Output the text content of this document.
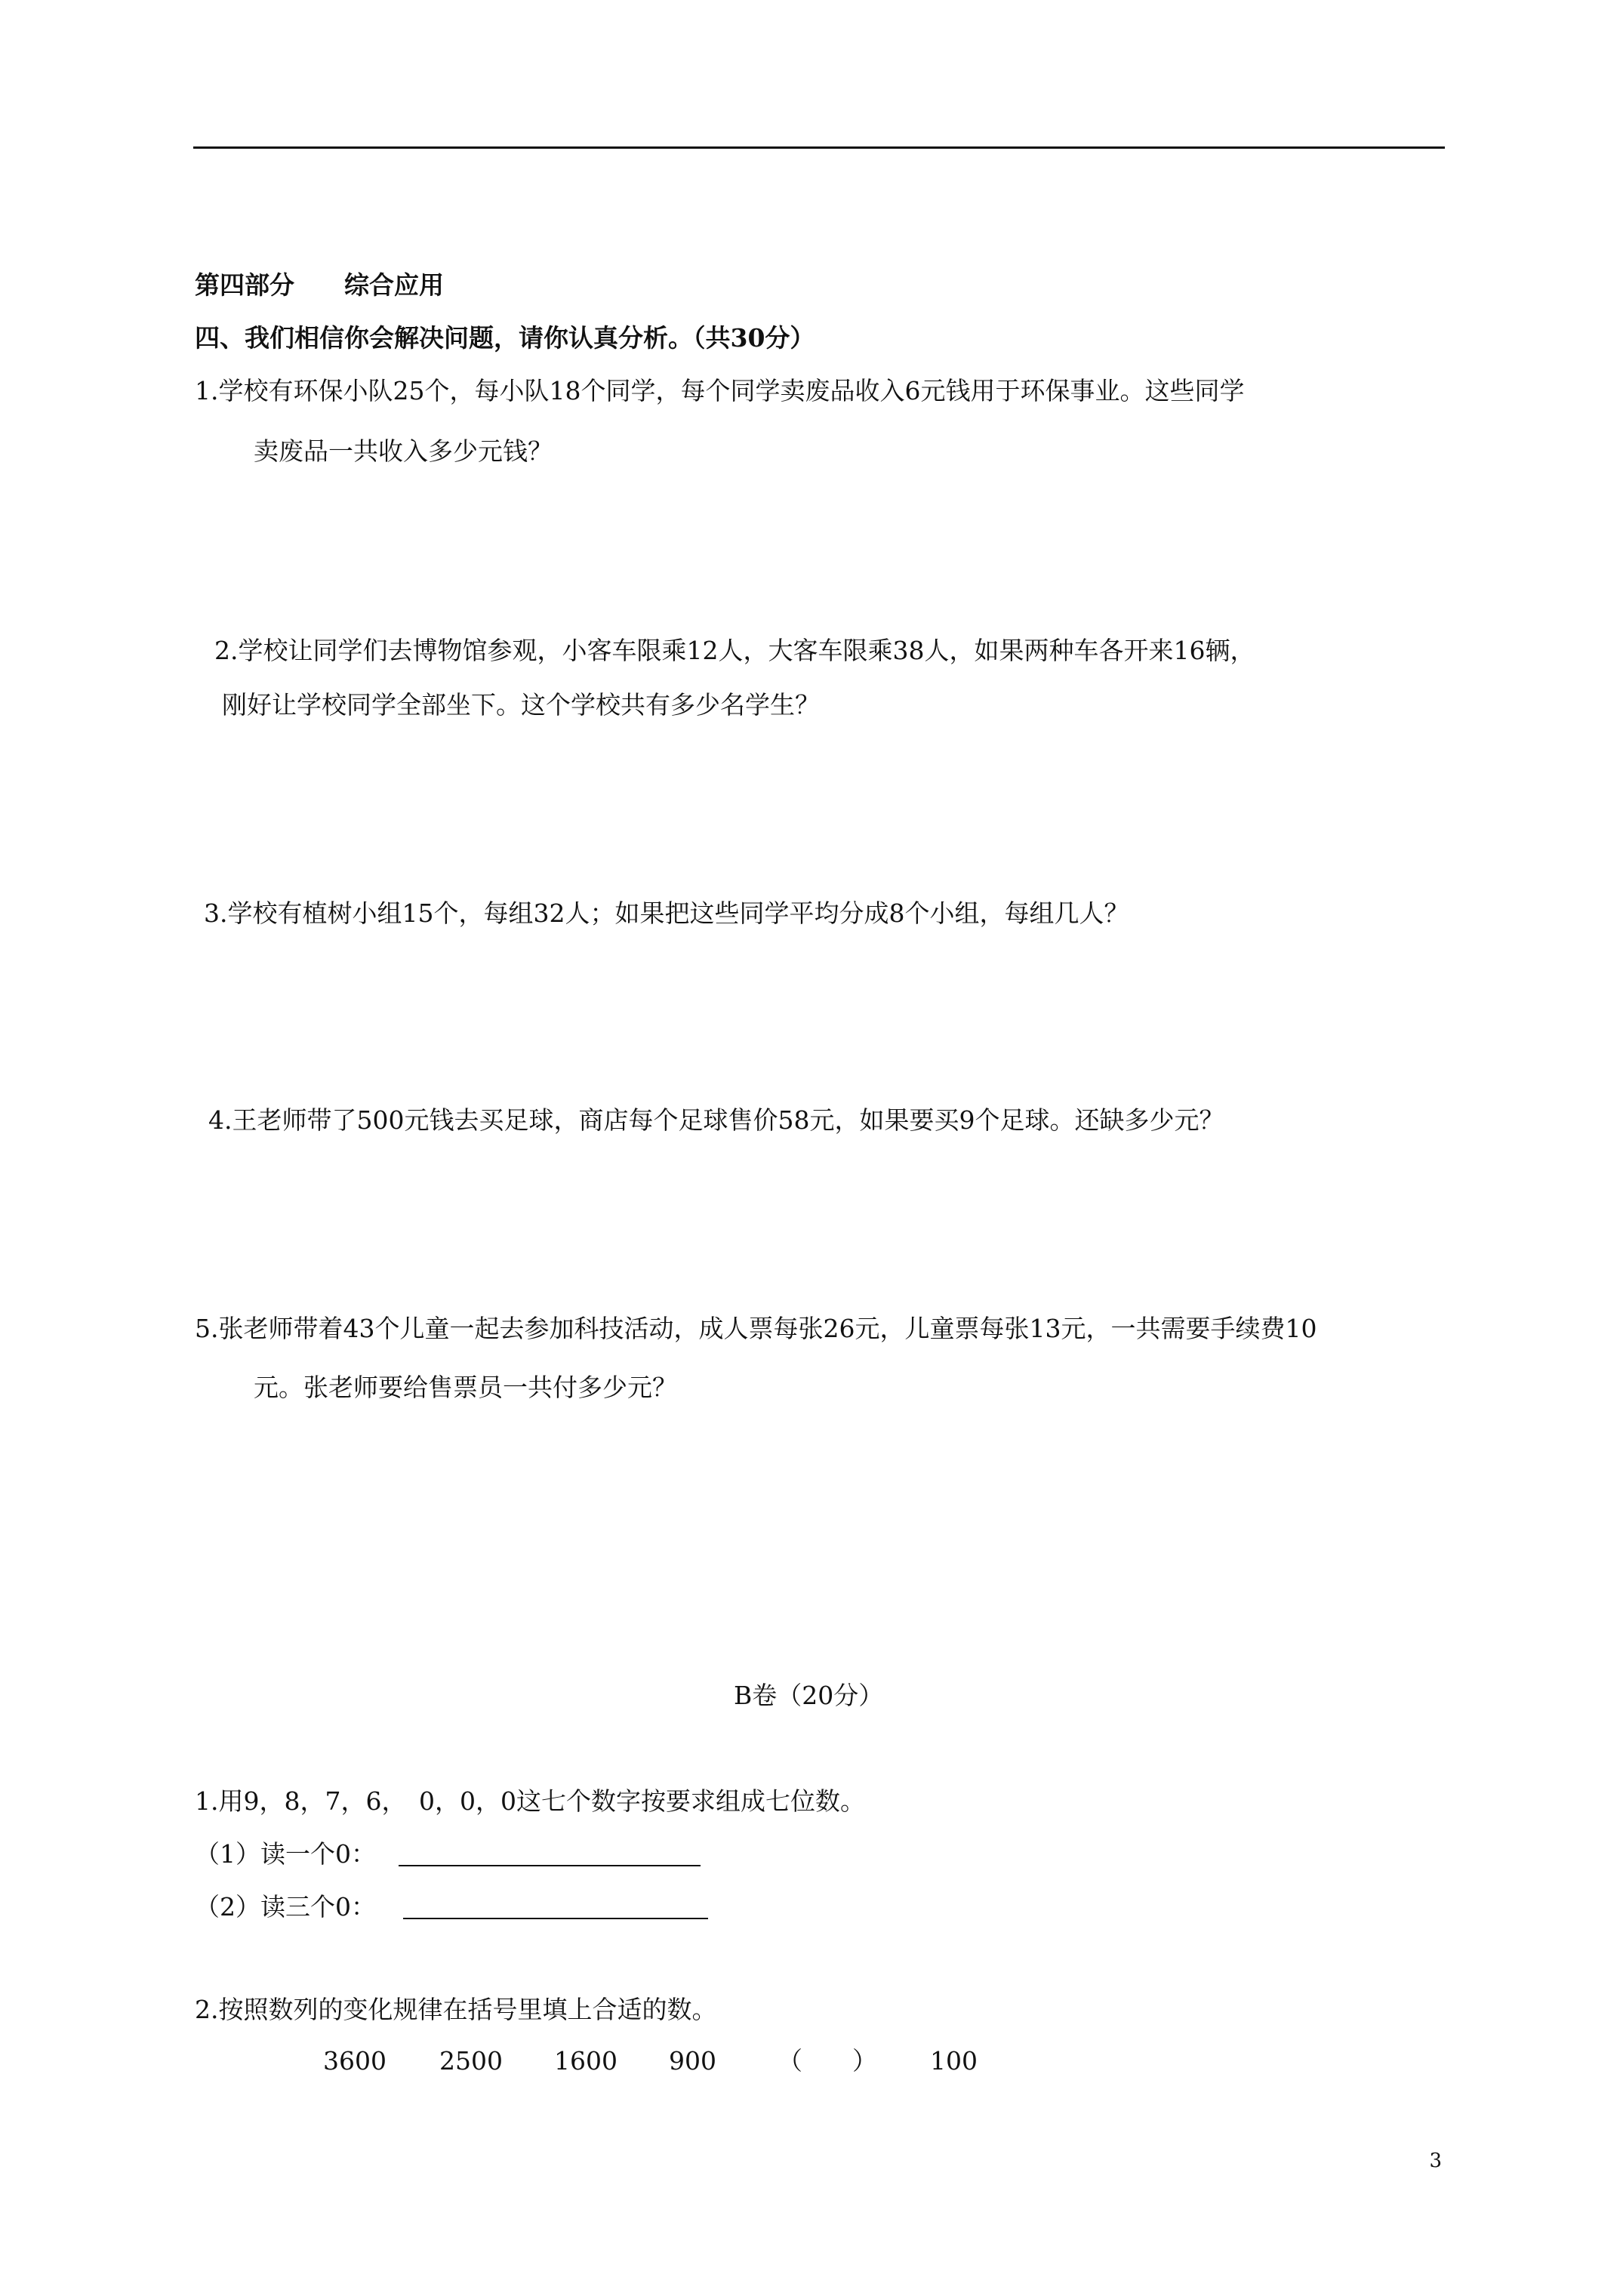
第四部分　　综合应用
四、我们相信你会解决问题，请你认真分析。（共30分）
1.学校有环保小队25个，每小队18个同学，每个同学卖废品收入6元钱用于环保事业。这些同学
卖废品一共收入多少元钱？
2.学校让同学们去博物馆参观，小客车限乘12人，大客车限乘38人，如果两种车各开来16辆，
刚好让学校同学全部坐下。这个学校共有多少名学生？
3.学校有植树小组15个，每组32人；如果把这些同学平均分成8个小组，每组几人？
4.王老师带了500元钱去买足球，商店每个足球售价58元，如果要买9个足球。还缺多少元？
5.张老师带着43个儿童一起去参加科技活动，成人票每张26元，儿童票每张13元，一共需要手续费10
元。张老师要给售票员一共付多少元？
B卷（20分）
1.用9，8，7，6，　0，0，0这七个数字按要求组成七位数。
（1）读一个0：
（2）读三个0：
2.按照数列的变化规律在括号里填上合适的数。
3600 2500 1600 900 （　　） 100
3
